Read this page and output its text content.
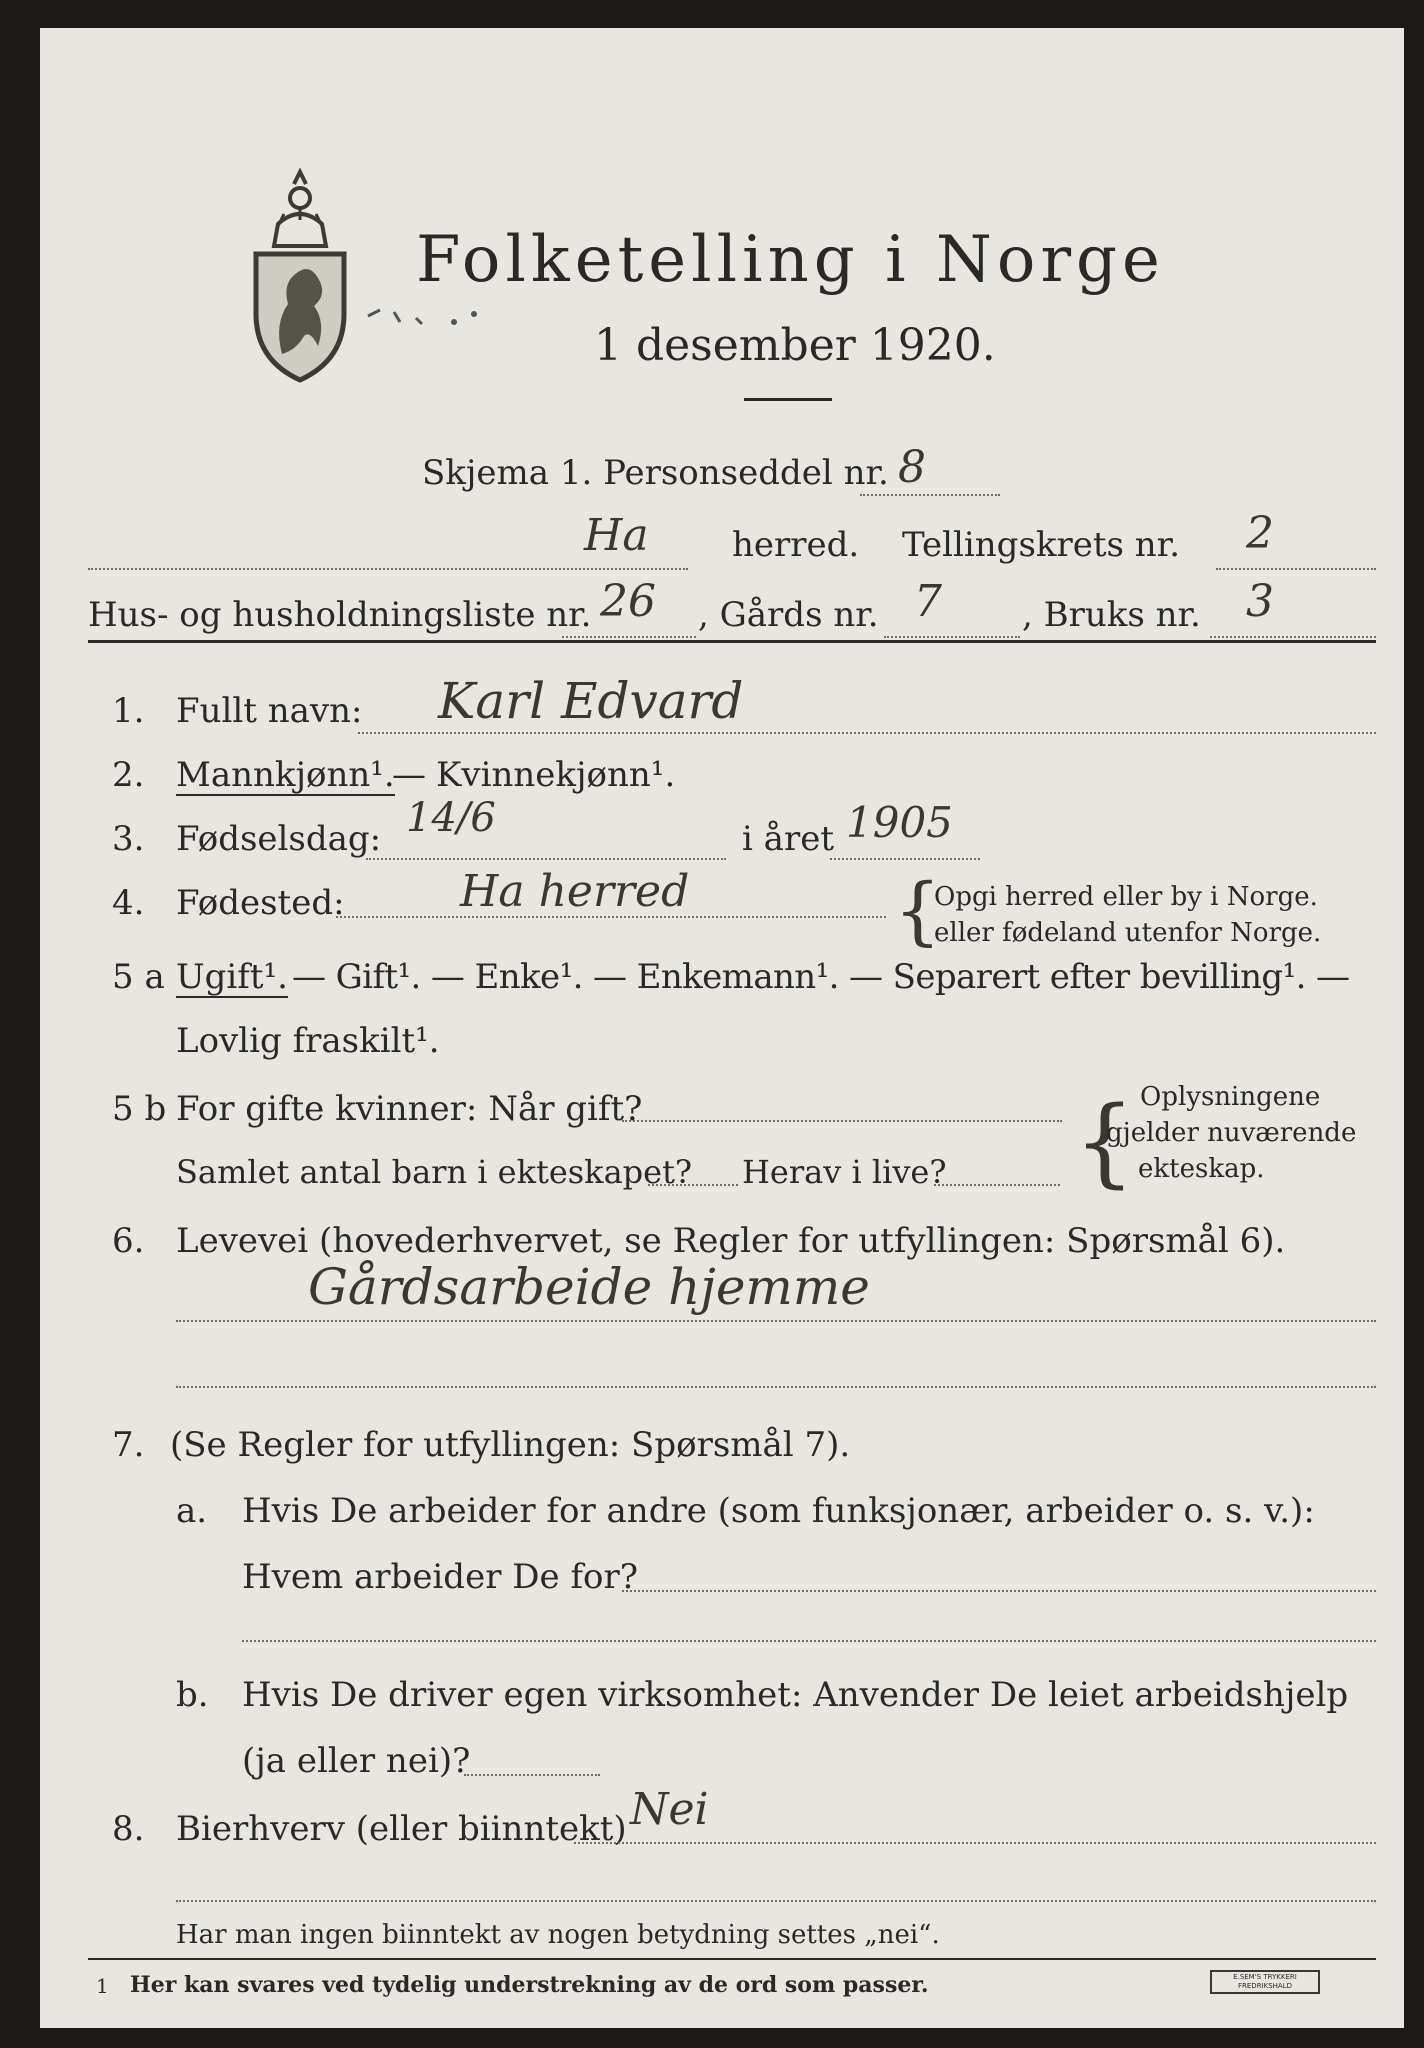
Folketelling i Norge
1 desember 1920.
Skjema 1. Personseddel nr. 8
Ha herred. Tellingskrets nr. 2
Hus- og husholdningsliste nr. 26 , Gårds nr. 7 , Bruks nr. 3
1. Fullt navn: Karl Edvard
2. Mannkjønn¹.
— Kvinnekjønn¹.
3. Fødselsdag: 14/6	i året 1905
4. Fødested:	Ha herred	{
Opgi herred eller by i Norge.
eller fødeland utenfor Norge.
5 a Ugift¹. — Gift¹. — Enke¹. — Enkemann¹. — Separert efter bevilling¹. —
Lovlig fraskilt¹.
5 b For gifte kvinner: Når gift?
Samlet antal barn i ekteskapet? Herav i live? { Oplysningene
gjelder nuværende
ekteskap.
6. Levevei (hovederhvervet, se Regler for utfyllingen: Spørsmål 6).
Gårdsarbeide hjemme
7. (Se Regler for utfyllingen: Spørsmål 7).
a. Hvis De arbeider for andre (som funksjonær, arbeider o. s. v.):
Hvem arbeider De for?
b. Hvis De driver egen virksomhet: Anvender De leiet arbeidshjelp
(ja eller nei)?
8. Bierhverv (eller biinntekt) Nei
Har man ingen biinntekt av nogen betydning settes „nei“.
1 Her kan svares ved tydelig understrekning av de ord som passer.	E.SEM'S TRYKKERI FREDRIKSHALD
